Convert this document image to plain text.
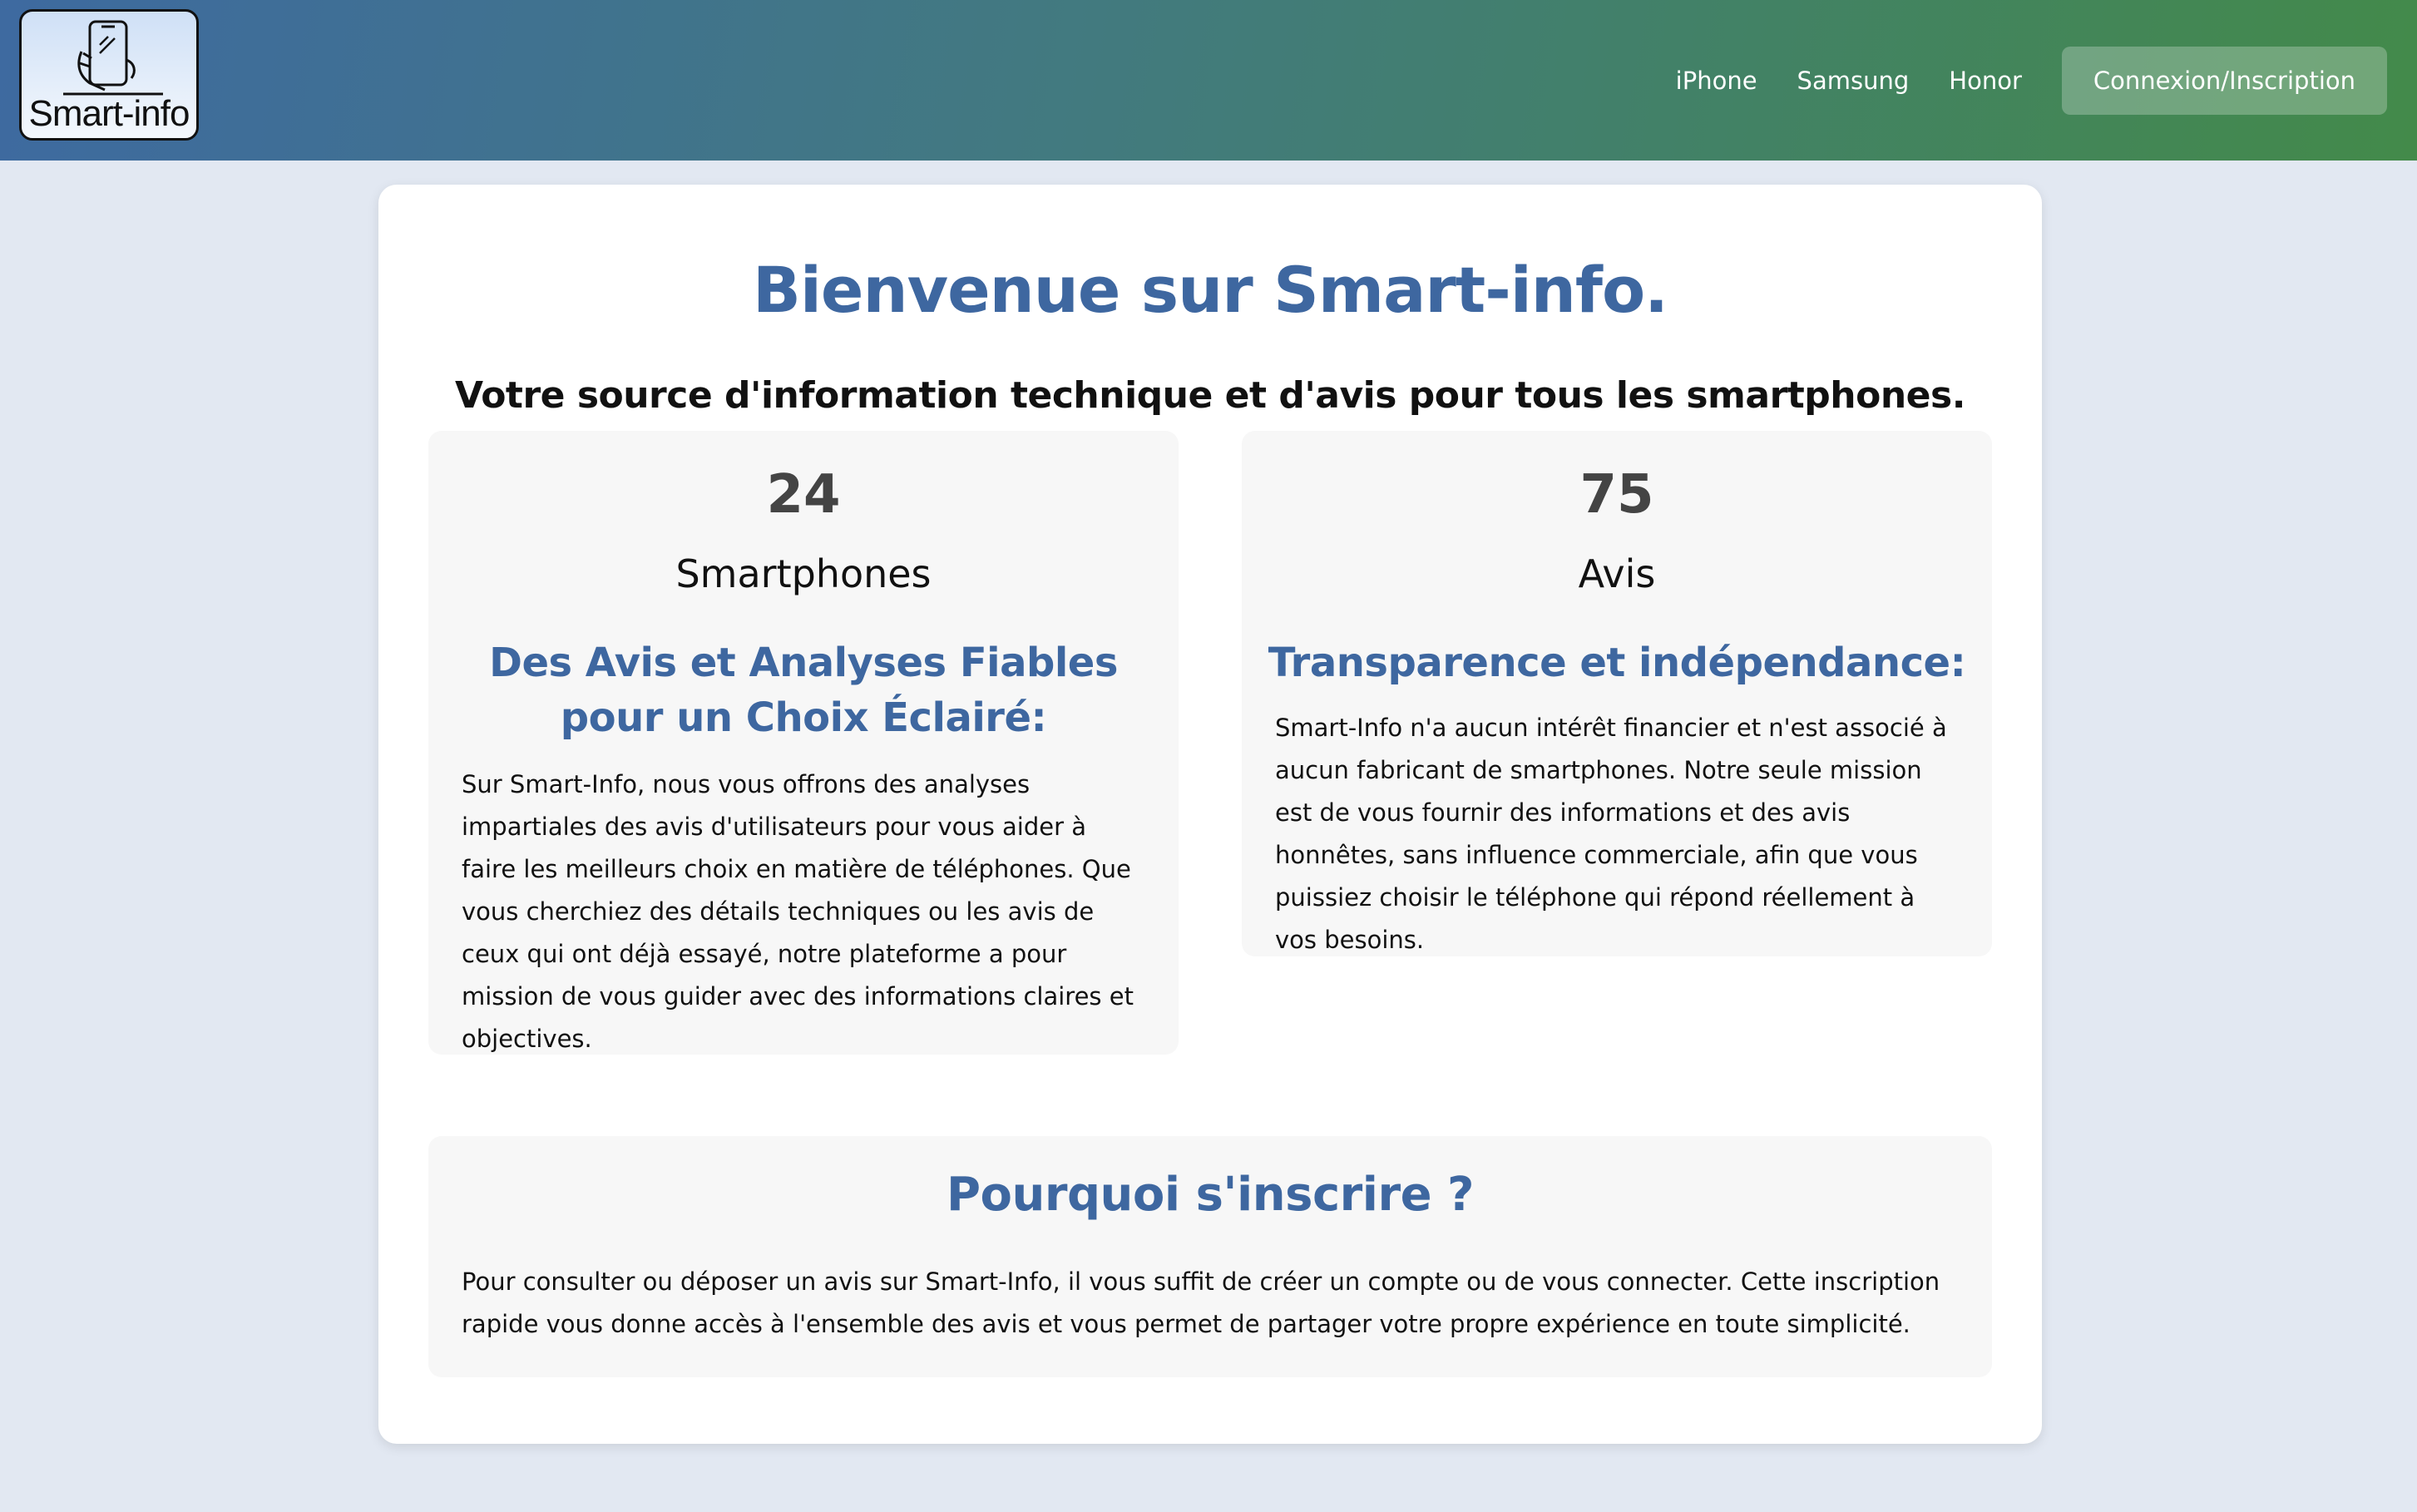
Smart-info
iPhone Samsung Honor	Connexion/Inscription
Bienvenue sur Smart-info.
Votre source d'information technique et d'avis pour tous les smartphones.
24
Smartphones
Des Avis et Analyses Fiables pour un Choix Éclairé:

Sur Smart-Info, nous vous offrons des analyses impartiales des avis d'utilisateurs pour vous aider à faire les meilleurs choix en matière de téléphones. Que vous cherchiez des détails techniques ou les avis de ceux qui ont déjà essayé, notre plateforme a pour mission de vous guider avec des informations claires et objectives.

75
Avis
Transparence et indépendance:

Smart-Info n'a aucun intérêt financier et n'est associé à aucun fabricant de smartphones. Notre seule mission est de vous fournir des informations et des avis honnêtes, sans influence commerciale, afin que vous puissiez choisir le téléphone qui répond réellement à vos besoins.

Pourquoi s'inscrire ?

Pour consulter ou déposer un avis sur Smart-Info, il vous suffit de créer un compte ou de vous connecter. Cette inscription rapide vous donne accès à l'ensemble des avis et vous permet de partager votre propre expérience en toute simplicité.
